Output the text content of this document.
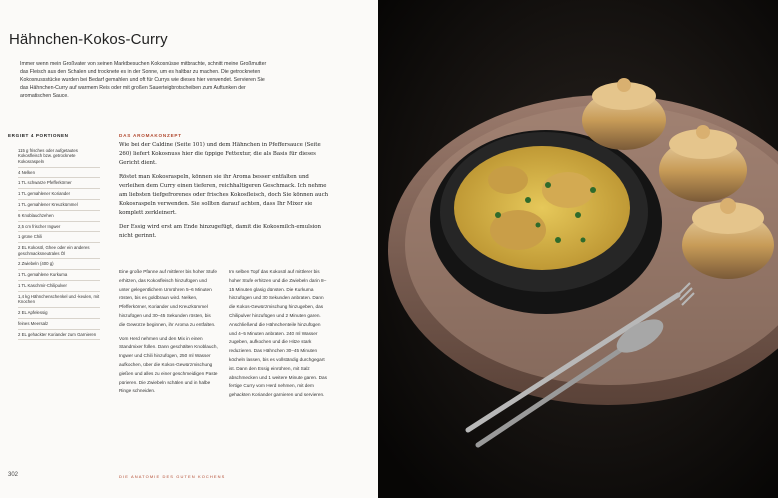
Hähnchen-Kokos-Curry
Immer wenn mein Großvater von seinen Marktbesuchen Kokosnüsse mitbrachte, schnitt meine Großmutter das Fleisch aus den Schalen und trocknete es in der Sonne, um es haltbar zu machen. Die getrockneten Kokosnussstücke wurden bei Bedarf gemahlen und oft für Currys wie dieses hier verwendet. Servieren Sie das Hähnchen-Curry auf warmem Reis oder mit großen Sauerteigbrotscheiben zum Auftunken der aromatischen Sauce.
ERGIBT 4 PORTIONEN
115 g frisches oder aufgetautes Kokosfleisch bzw. getrocknete Kokosraspeln
4 Nelken
1 TL schwarze Pfefferkörner
1 TL gemahlener Koriander
1 TL gemahlener Kreuzkümmel
6 Knoblauchzehen
2,5 cm frischer Ingwer
1 grüne Chili
2 EL Kokosöl, Ghee oder ein anderes geschmacksneutrales Öl
2 Zwiebeln (400 g)
1 TL gemahlene Kurkuma
1 TL Kaschmir-Chilipulver
1,4 kg Hähnchenschenkel und -keulen, mit Knochen
2 EL Apfelessig
feines Meersalz
2 EL gehackter Koriander zum Garnieren
DAS AROMAKONZEPT

Wie bei der Caldine (Seite 101) und dem Hähnchen in Pfeffersauce (Seite 260) liefert Kokosnuss hier die üppige Fettextur, die als Basis für dieses Gericht dient.

Röstet man Kokosraspeln, können sie ihr Aroma besser entfalten und verleihen dem Curry einen tieferen, reichhaltigeren Geschmack. Ich nehme am liebsten tiefgefrorenes oder frisches Kokosfleisch, doch Sie können auch Kokosraspeln verwenden. Sie sollten darauf achten, dass Ihr Mixer sie komplett zerkleinert.

Der Essig wird erst am Ende hinzugefügt, damit die Kokosmilch-emulsion nicht gerinnt.

Eine große Pfanne auf mittlerer bis hoher Stufe erhitzen, das Kokosfleisch hinzufügen und unter gelegentlichem Umrühren 5–6 Minuten rösten, bis es goldbraun wird. Nelken, Pfefferkörner, Koriander und Kreuzkümmel hinzufügen und 30–45 Sekunden rösten, bis die Gewürze beginnen, ihr Aroma zu entfalten.

Vom Herd nehmen und den Mix in einen Standmixer füllen. Dann geschälten Knoblauch, Ingwer und Chili hinzufügen, 250 ml Wasser aufkochen, über die Kokos-Gewürzmischung gießen und alles zu einer geschmeidigen Paste pürieren. Die Zwiebeln schälen und in halbe Ringe schneiden.

Im selben Topf das Kokosöl auf mittlerer bis hoher Stufe erhitzen und die Zwiebeln darin 8–15 Minuten glasig dünsten. Die Kurkuma hinzufügen und 30 Sekunden anbraten. Dann die Kokos-Gewürzmischung hinzugeben, das Chilipulver hinzufügen und 2 Minuten garen. Anschließend die Hähnchenteile hinzufügen und 4–5 Minuten anbraten. 240 ml Wasser zugeben, aufkochen und die Hitze stark reduzieren. Das Hähnchen 30–45 Minuten köcheln lassen, bis es vollständig durchgegart ist. Dann den Essig einrühren, mit Salz abschmecken und 1 weitere Minute garen. Das fertige Curry vom Herd nehmen, mit dem gehackten Koriander garnieren und servieren.

302	DIE ANATOMIE DES GUTEN KOCHENS
